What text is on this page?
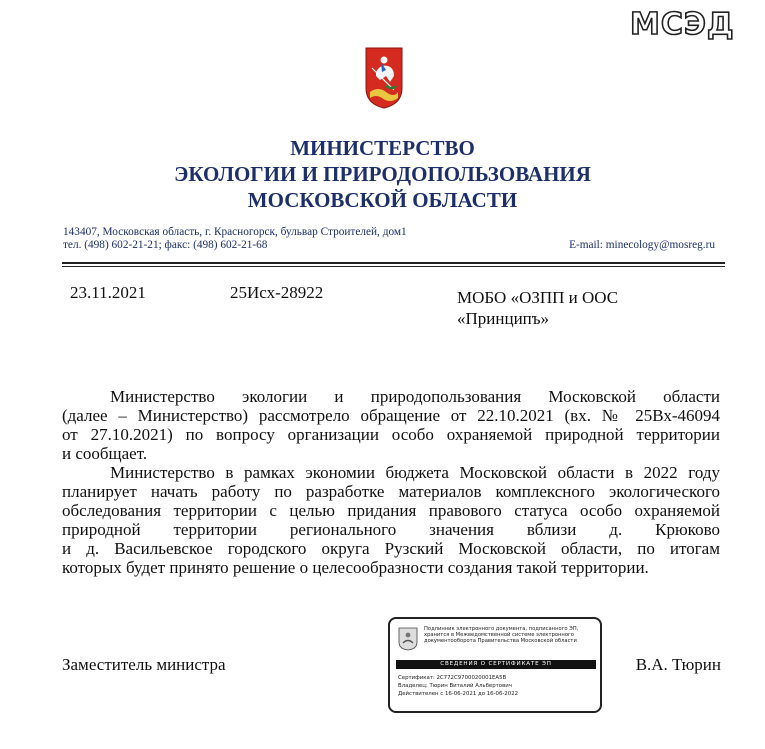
МСЭД
МИНИСТЕРСТВО
ЭКОЛОГИИ И ПРИРОДОПОЛЬЗОВАНИЯ
МОСКОВСКОЙ ОБЛАСТИ
143407, Московская область, г. Красногорск, бульвар Строителей, дом1
тел. (498) 602-21-21; факс: (498) 602-21-68	E-mail: minecology@mosreg.ru
23.11.2021	25Исх-28922	МОБО «ОЗПП и ООС
«Принципъ»
Министерство экологии и природопользования Московской области
(далее – Министерство) рассмотрело обращение от 22.10.2021 (вх. № 25Вх-46094
от 27.10.2021) по вопросу организации особо охраняемой природной территории
и сообщает.
Министерство в рамках экономии бюджета Московской области в 2022 году
планирует начать работу по разработке материалов комплексного экологического
обследования территории с целью придания правового статуса особо охраняемой
природной территории регионального значения вблизи д. Крюково
и д. Васильевское городского округа Рузский Московской области, по итогам
которых будет принято решение о целесообразности создания такой территории.
Заместитель министра
Подлинник электронного документа, подписанного ЭП,
хранится в Межведомственной системе электронного
документооборота Правительства Московской области
СВЕДЕНИЯ О СЕРТИФИКАТЕ ЭП
Сертификат: 2C772C9700020001EA5B
Владелец: Тюрин Виталий Альбертович
Действителен с 16-06-2021 до 16-06-2022
В.А. Тюрин
